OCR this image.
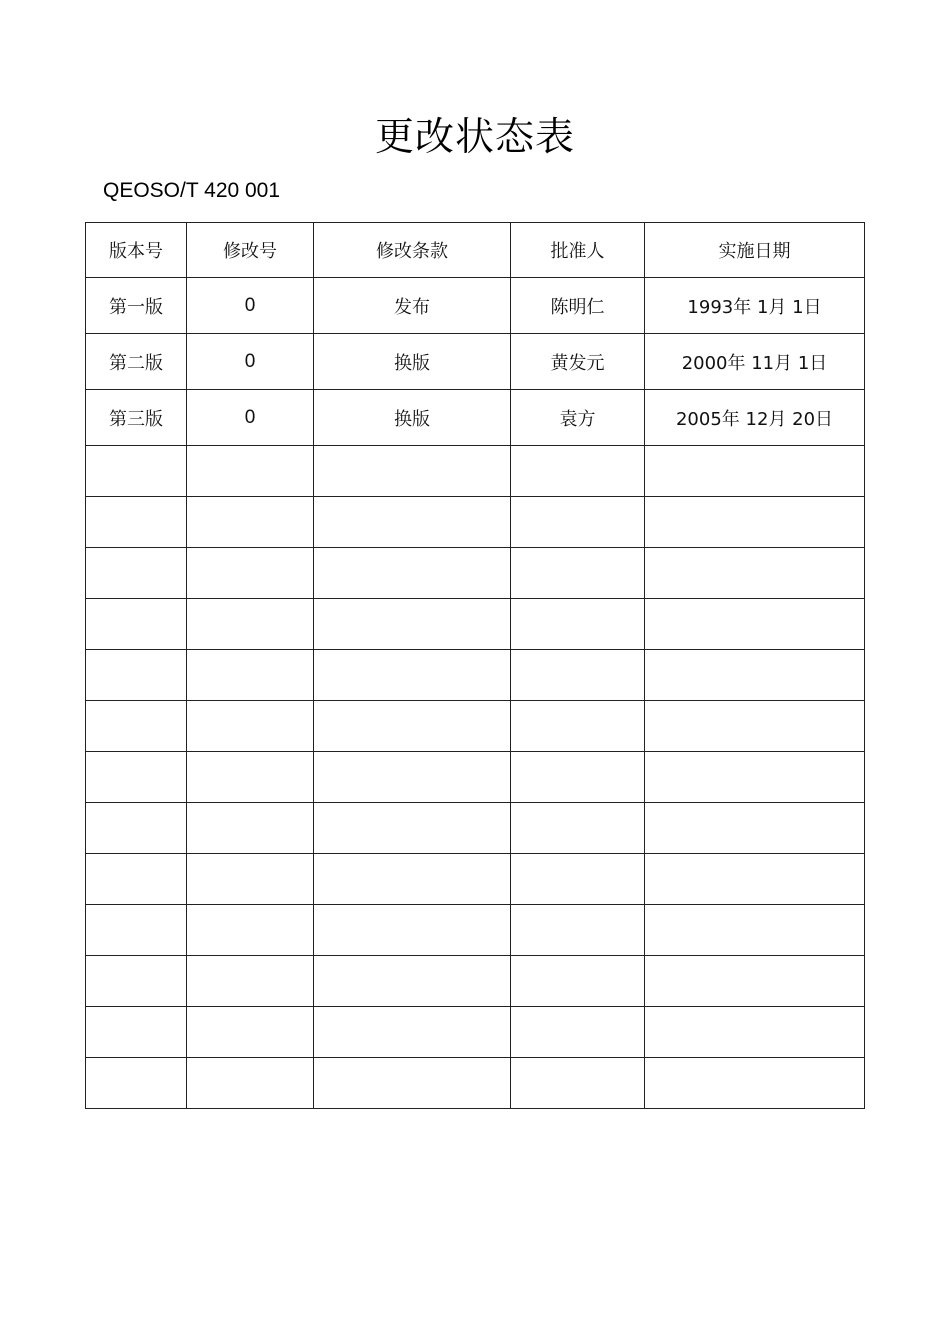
更改状态表
QEOSO/T 420 001
版本号	修改号	修改条款	批准人	实施日期
第一版	0	发布	陈明仁	1993年 1月 1日
第二版	0	换版	黄发元	2000年 11月 1日
第三版	0	换版	袁方	2005年 12月 20日
